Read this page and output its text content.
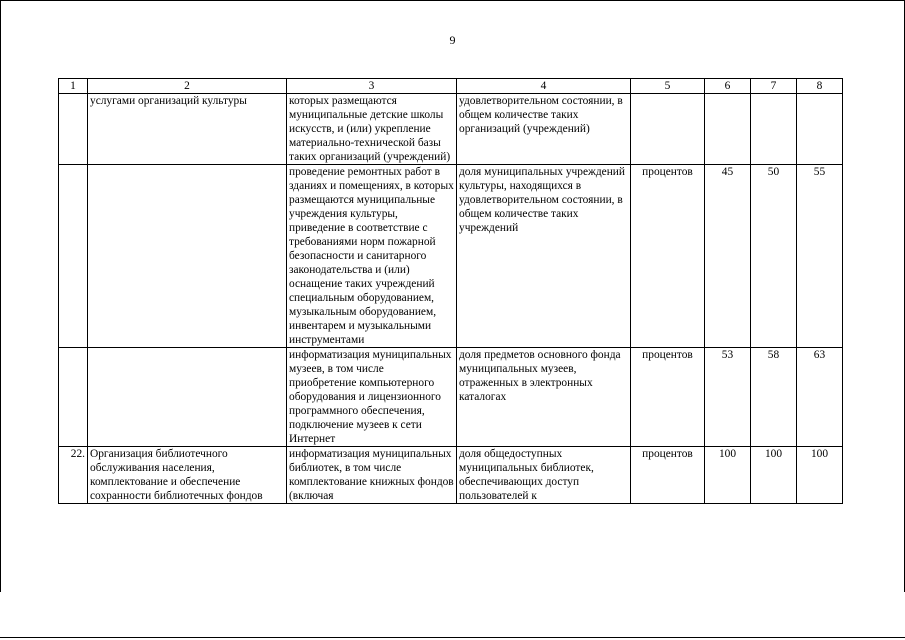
9
1	2	3	4	5	6	7	8
	услугами организаций культуры	которых размещаются муниципальные детские школы искусств, и (или) укрепление материально-технической базы таких организаций (учреждений)	удовлетворительном состоянии, в общем количестве таких организаций (учреждений)				
		проведение ремонтных работ в зданиях и помещениях, в которых размещаются муниципальные учреждения культуры, приведение в соответствие с требованиями норм пожарной безопасности и санитарного законодательства и (или) оснащение таких учреждений специальным оборудованием, музыкальным оборудованием, инвентарем и музыкальными инструментами	доля муниципальных учреждений культуры, находящихся в удовлетворительном состоянии, в общем количестве таких учреждений	процентов	45	50	55
		информатизация муниципальных музеев, в том числе приобретение компьютерного оборудования и лицензионного программного обеспечения, подключение музеев к сети Интернет	доля предметов основного фонда муниципальных музеев, отраженных в электронных каталогах	процентов	53	58	63
22.	Организация библиотечного обслуживания населения, комплектование и обеспечение сохранности библиотечных фондов	информатизация муниципальных библиотек, в том числе комплектование книжных фондов (включая	доля общедоступных муниципальных библиотек, обеспечивающих доступ пользователей к	процентов	100	100	100
